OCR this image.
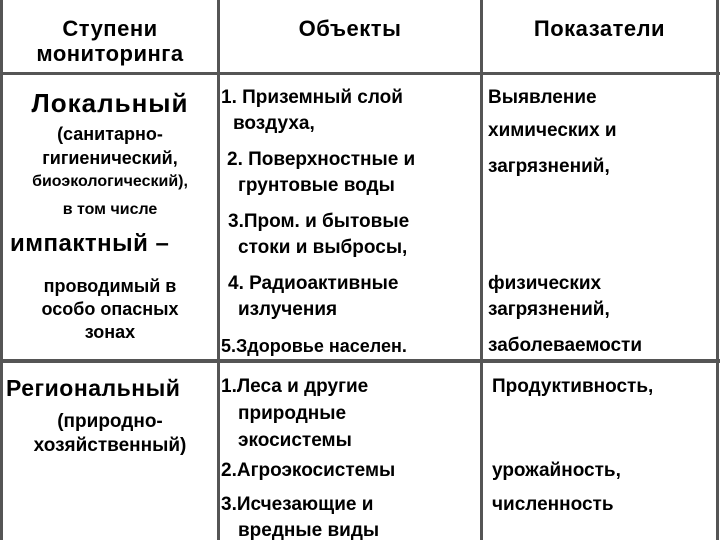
Ступени
мониторинга
Объекты	Показатели
Локальный
(санитарно-
гигиенический,
биоэкологический),
в том числе
импактный –
проводимый в
особо опасных
зонах
1. Приземный слой
воздуха,
2. Поверхностные и
грунтовые воды
3.Пром. и бытовые
стоки и выбросы,
4. Радиоактивные
излучения
5.Здоровье населен.
Выявление
химических и
загрязнений,
физических
загрязнений,
заболеваемости
Региональный
(природно-
хозяйственный)
1.Леса и другие
природные
экосистемы
2.Агроэкосистемы
3.Исчезающие и
вредные виды
Продуктивность,
урожайность,
численность
